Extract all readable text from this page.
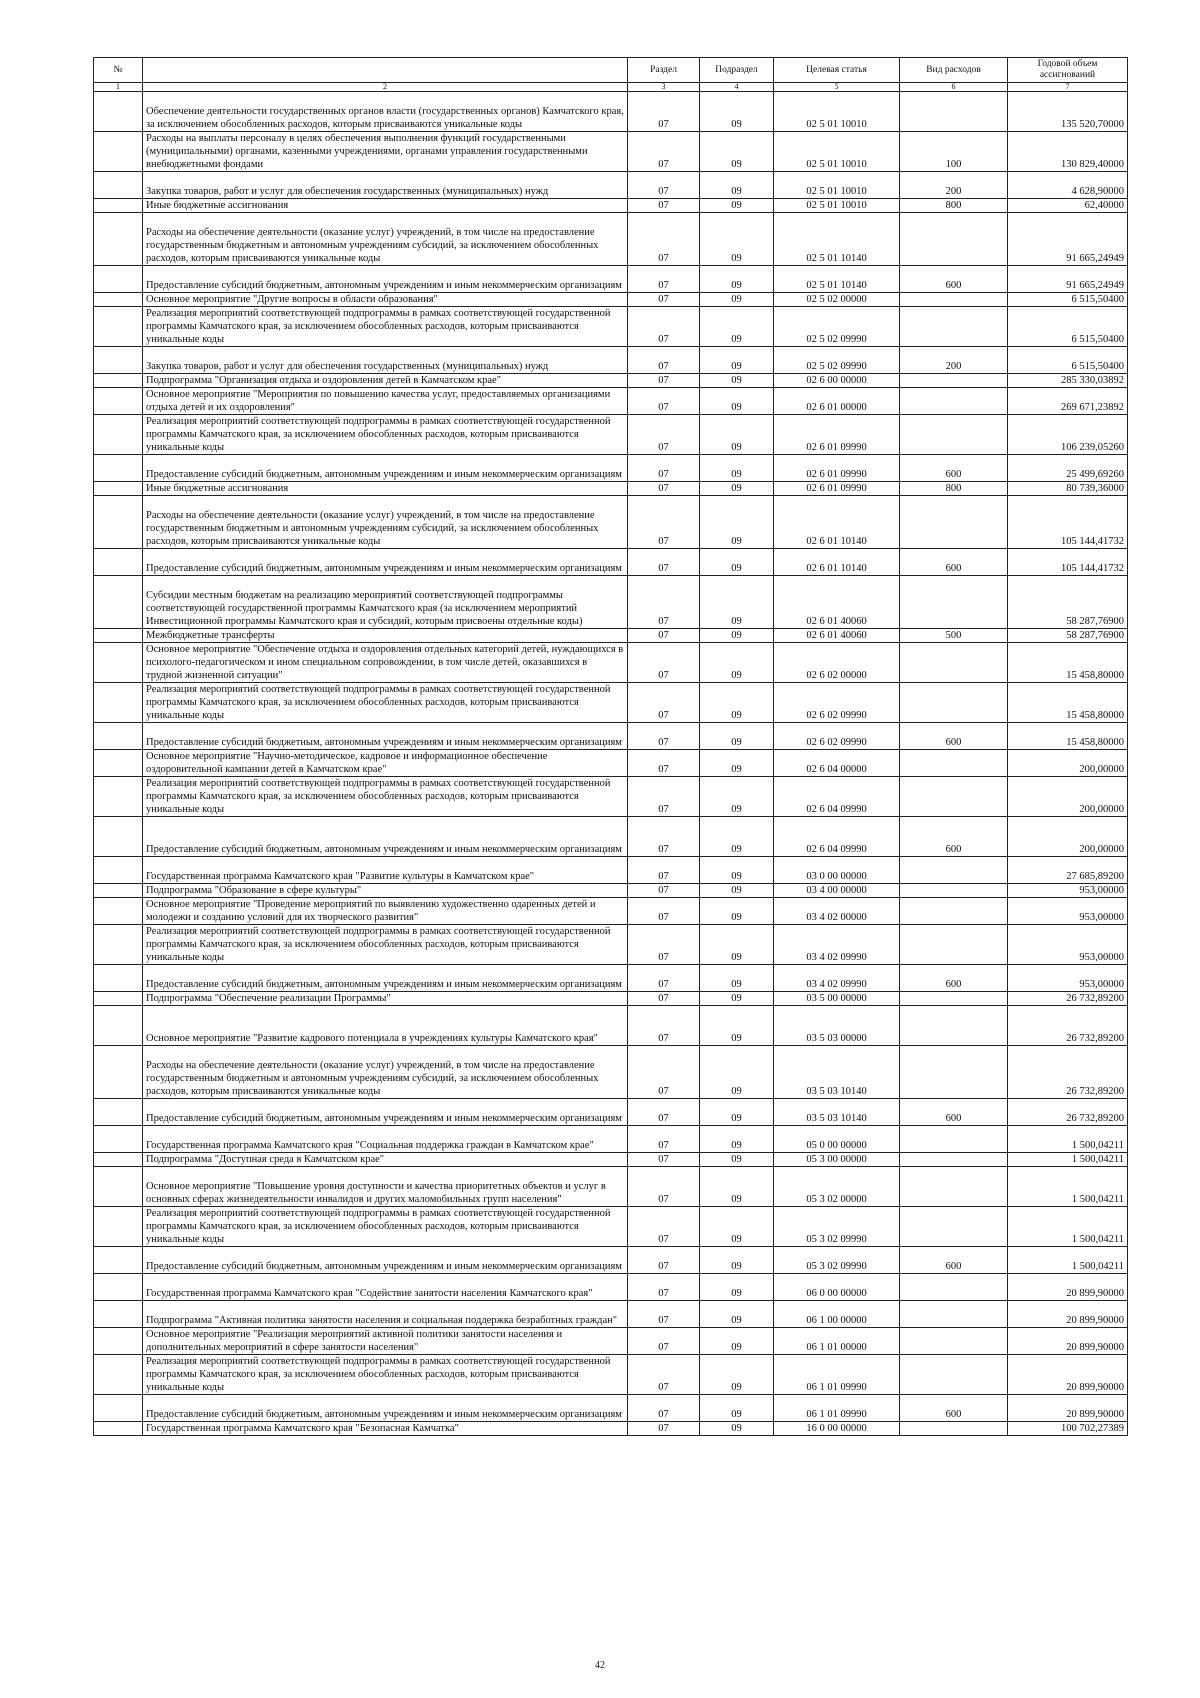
№		Раздел	Подраздел	Целевая статья	Вид расходов	Годовой объем ассигнований
1	2	3	4	5	6	7
	Обеспечение деятельности государственных органов власти (государственных органов) Камчатского края, за исключением обособленных расходов, которым присваиваются уникальные коды	07	09	02 5 01 10010		135 520,70000
	Расходы на выплаты персоналу в целях обеспечения выполнения функций государственными (муниципальными) органами, казенными учреждениями, органами управления государственными внебюджетными фондами	07	09	02 5 01 10010	100	130 829,40000
	Закупка товаров, работ и услуг для обеспечения государственных (муниципальных) нужд	07	09	02 5 01 10010	200	4 628,90000
	Иные бюджетные ассигнования	07	09	02 5 01 10010	800	62,40000
	Расходы на обеспечение деятельности (оказание услуг) учреждений, в том числе на предоставление государственным бюджетным и автономным учреждениям субсидий, за исключением обособленных расходов, которым присваиваются уникальные коды	07	09	02 5 01 10140		91 665,24949
	Предоставление субсидий бюджетным, автономным учреждениям и иным некоммерческим организациям	07	09	02 5 01 10140	600	91 665,24949
	Основное мероприятие "Другие вопросы в области образования"	07	09	02 5 02 00000		6 515,50400
	Реализация мероприятий соответствующей подпрограммы в рамках соответствующей государственной программы Камчатского края, за исключением обособленных расходов, которым присваиваются уникальные коды	07	09	02 5 02 09990		6 515,50400
	Закупка товаров, работ и услуг для обеспечения государственных (муниципальных) нужд	07	09	02 5 02 09990	200	6 515,50400
	Подпрограмма "Организация отдыха и оздоровления детей в Камчатском крае"	07	09	02 6 00 00000		285 330,03892
	Основное мероприятие "Мероприятия по повышению качества услуг, предоставляемых организациями отдыха детей и их оздоровления"	07	09	02 6 01 00000		269 671,23892
	Реализация мероприятий соответствующей подпрограммы в рамках соответствующей государственной программы Камчатского края, за исключением обособленных расходов, которым присваиваются уникальные коды	07	09	02 6 01 09990		106 239,05260
	Предоставление субсидий бюджетным, автономным учреждениям и иным некоммерческим организациям	07	09	02 6 01 09990	600	25 499,69260
	Иные бюджетные ассигнования	07	09	02 6 01 09990	800	80 739,36000
	Расходы на обеспечение деятельности (оказание услуг) учреждений, в том числе на предоставление государственным бюджетным и автономным учреждениям субсидий, за исключением обособленных расходов, которым присваиваются уникальные коды	07	09	02 6 01 10140		105 144,41732
	Предоставление субсидий бюджетным, автономным учреждениям и иным некоммерческим организациям	07	09	02 6 01 10140	600	105 144,41732
	Субсидии местным бюджетам на реализацию мероприятий соответствующей подпрограммы соответствующей государственной программы Камчатского края (за исключением мероприятий Инвестиционной программы Камчатского края и субсидий, которым присвоены отдельные коды)	07	09	02 6 01 40060		58 287,76900
	Межбюджетные трансферты	07	09	02 6 01 40060	500	58 287,76900
	Основное мероприятие "Обеспечение отдыха и оздоровления отдельных категорий детей, нуждающихся в психолого-педагогическом и ином специальном сопровождении, в том числе детей, оказавшихся в трудной жизненной ситуации"	07	09	02 6 02 00000		15 458,80000
	Реализация мероприятий соответствующей подпрограммы в рамках соответствующей государственной программы Камчатского края, за исключением обособленных расходов, которым присваиваются уникальные коды	07	09	02 6 02 09990		15 458,80000
	Предоставление субсидий бюджетным, автономным учреждениям и иным некоммерческим организациям	07	09	02 6 02 09990	600	15 458,80000
	Основное мероприятие "Научно-методическое, кадровое и информационное обеспечение оздоровительной кампании детей в Камчатском крае"	07	09	02 6 04 00000		200,00000
	Реализация мероприятий соответствующей подпрограммы в рамках соответствующей государственной программы Камчатского края, за исключением обособленных расходов, которым присваиваются уникальные коды	07	09	02 6 04 09990		200,00000
	Предоставление субсидий бюджетным, автономным учреждениям и иным некоммерческим организациям	07	09	02 6 04 09990	600	200,00000
	Государственная программа Камчатского края "Развитие культуры в Камчатском крае"	07	09	03 0 00 00000		27 685,89200
	Подпрограмма "Образование в сфере культуры"	07	09	03 4 00 00000		953,00000
	Основное мероприятие "Проведение мероприятий по выявлению художественно одаренных детей и молодежи и созданию условий для их творческого развития"	07	09	03 4 02 00000		953,00000
	Реализация мероприятий соответствующей подпрограммы в рамках соответствующей государственной программы Камчатского края, за исключением обособленных расходов, которым присваиваются уникальные коды	07	09	03 4 02 09990		953,00000
	Предоставление субсидий бюджетным, автономным учреждениям и иным некоммерческим организациям	07	09	03 4 02 09990	600	953,00000
	Подпрограмма "Обеспечение реализации Программы"	07	09	03 5 00 00000		26 732,89200
	Основное мероприятие "Развитие кадрового потенциала в учреждениях культуры Камчатского края"	07	09	03 5 03 00000		26 732,89200
	Расходы на обеспечение деятельности (оказание услуг) учреждений, в том числе на предоставление государственным бюджетным и автономным учреждениям субсидий, за исключением обособленных расходов, которым присваиваются уникальные коды	07	09	03 5 03 10140		26 732,89200
	Предоставление субсидий бюджетным, автономным учреждениям и иным некоммерческим организациям	07	09	03 5 03 10140	600	26 732,89200
	Государственная программа Камчатского края "Социальная поддержка граждан в Камчатском крае"	07	09	05 0 00 00000		1 500,04211
	Подпрограмма "Доступная среда в Камчатском крае"	07	09	05 3 00 00000		1 500,04211
	Основное мероприятие "Повышение уровня доступности и качества приоритетных объектов и услуг в основных сферах жизнедеятельности инвалидов и других маломобильных групп населения"	07	09	05 3 02 00000		1 500,04211
	Реализация мероприятий соответствующей подпрограммы в рамках соответствующей государственной программы Камчатского края, за исключением обособленных расходов, которым присваиваются уникальные коды	07	09	05 3 02 09990		1 500,04211
	Предоставление субсидий бюджетным, автономным учреждениям и иным некоммерческим организациям	07	09	05 3 02 09990	600	1 500,04211
	Государственная программа Камчатского края "Содействие занятости населения Камчатского края"	07	09	06 0 00 00000		20 899,90000
	Подпрограмма "Активная политика занятости населения и социальная поддержка безработных граждан"	07	09	06 1 00 00000		20 899,90000
	Основное мероприятие "Реализация мероприятий активной политики занятости населения и дополнительных мероприятий в сфере занятости населения"	07	09	06 1 01 00000		20 899,90000
	Реализация мероприятий соответствующей подпрограммы в рамках соответствующей государственной программы Камчатского края, за исключением обособленных расходов, которым присваиваются уникальные коды	07	09	06 1 01 09990		20 899,90000
	Предоставление субсидий бюджетным, автономным учреждениям и иным некоммерческим организациям	07	09	06 1 01 09990	600	20 899,90000
	Государственная программа Камчатского края "Безопасная Камчатка"	07	09	16 0 00 00000		100 702,27389
42
